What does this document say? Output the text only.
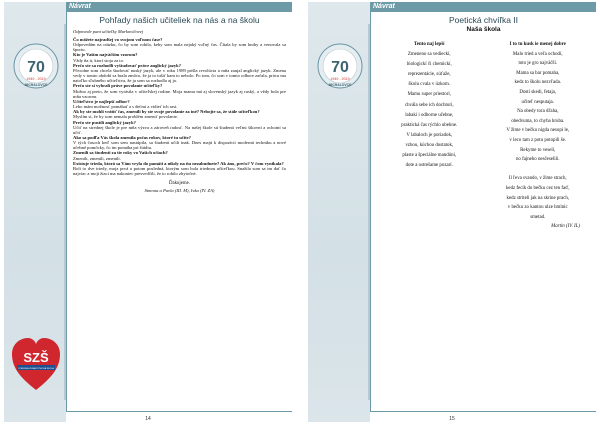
70
1949 - 2019
MICHALOVCE
SZŠ
STREDNÁ ZDRAVOTNÍCKA ŠKOLA
Návrat
Pohľady našich učiteliek na nás a na školu
Odpovede pani učiteľky Markovičovej

Čo môžete najradšej vo svojom voľnom čase?

Odpovedám na otázku, čo by som robila, keby som mala nejaký voľný čas. Čítala by som knihy a venovala sa športu.

Kto je Vaším najväčším vzorom?

Vždy ňa ti, ktorí stoja za to.

Prečo ste sa rozhodli vyštudovať práve anglický jazyk?

Pôvodne som chcela študovať nuský jazyk, ale v roku 1989 prišla revolúcia a mňa zaujal anglický jazyk. Zmena vedy v tomto období sa brala zmôco, že ja to tušiť kam to nebolo. Po tom, čo som v tomto odbore začala, prácu ma natoľko sľubného učiteľstva, že ja som sa rozhodla aj ja.

Prečo ste si vybrali práve povolanie učiteľky?

Možno aj preto, že som vyrástla v učiteľskej rodine. Moja mama má aj slovenský jazyk aj ruský, a vždy bola pre mňa vzorom.

Učiteľstvo je najlepší odbor?

Lebo mám možnosť pomáhať a s deťmi a vidieť ich rast.

Ak by ste mohli vrátiť čas, zmenili by ste svoje povolanie za iné? Nebojte sa, že stále učiteľkou?

Myslím si, že by som nemala problém zmeniť povolanie.

Prečo ste pustili anglický jazyk?

Učiť na strednej škole je pre mňa výzva a zároveň radosť. Na našej škole sú študenti veľmi šikovní a ochotní sa učiť.

Ako sa podľa Vás škola zmenila počas rokov, ktoré tu učíte?

V tých časoch keď som sem nastúpila, sa študenti učili inak. Dnes majú k dispozícii modernú techniku a nové učebné pomôcky, čo im pomáha pri štúdiu.

Zmenili sa študenti za tie roky vo Vašich očiach?

Zmenili, zmenili, zmenili.

Existuje trieda, ktorá sa Vám vryla do pamäti a nikdy na ňu nezabudnete? Ak áno, prečo? V čom vynikala?

Boli to dve triedy, moja prvá a potom posledná, ktorým som bola triednou učiteľkou. Snažila som sa im dať čo najviac a moji žiaci ma nakoniec presvedčili, že to robilo zbytočné.

Ďakujeme.
Simona a Pavla (III. M), Ivka (IV. ZA)
14
70
1949 - 2019
MICHALOVCE
Návrat
Poetická chvíľka II
Naša škola
Tento naj lepší
Zmeneno sa vedieckí,
biologickí či chemickí,
reprezentácie, súťaže,
školu cvala v úzkom.
Mamu super priestori,
chvála sebe ich dochtori,
labaki i odborne učebne,
praktická čas rýchlo ubehne.
V labaloch je poriadok,
vzhou, kúchou dostatok,
plaste a špeciálne mandúni,
dote a ostrešame pozarí.
I to tu kusk ie menej dobre
Malo tried a veľa ochodí,
toto je gro najväčší.
Mama sa bar pomaha,
kedz to školu nezvľada.
Dosti skedi, fetaja,
učiteľ nesputaja.
Na obedy tora dľaha,
obedvuma, to chyba hruba.
V žime v bečku nigda nesopi le,
v leco tam z potu potopili še.
Rekyme to veselí,
no fajneho nesčeselili.

Il ľeva svando, v žime strach,
kedz fecík do bečku cez ten faď,
kedz striteli jak na skrine prach,
v bečku zo kantou ulze hmlnic
smetad.
Martin (IV. IL)
15
